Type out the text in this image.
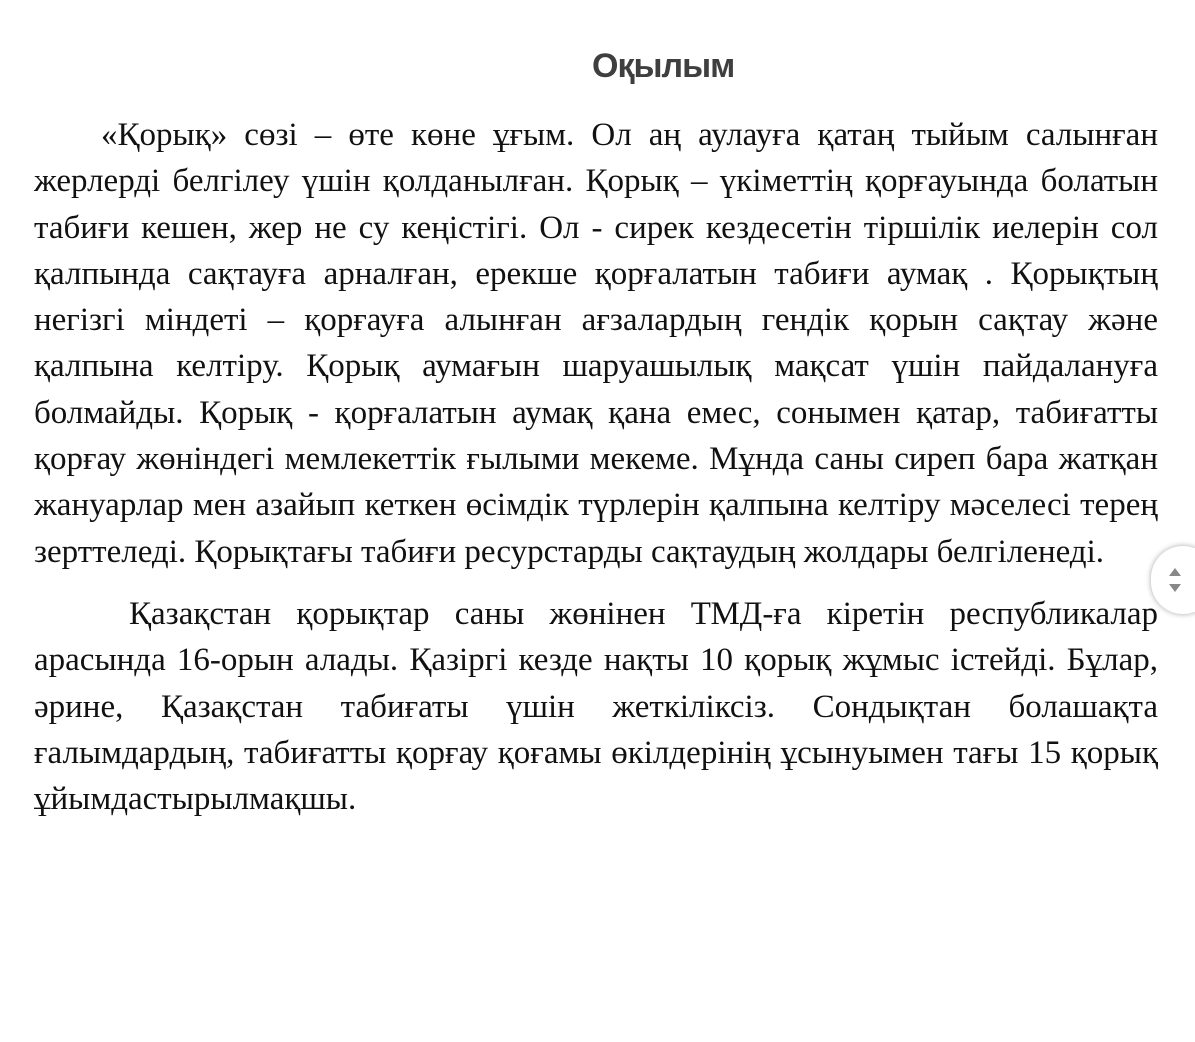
Оқылым

«Қорық» сөзі – өте көне ұғым. Ол аң аулауға қатаң тыйым салынған жерлерді белгілеу үшін қолданылған. Қорық – үкіметтің қорғауында болатын табиғи кешен, жер не су кеңістігі. Ол - сирек кездесетін тіршілік иелерін сол қалпында сақтауға арналған, ерекше қорғалатын табиғи аумақ . Қорықтың негізгі міндеті – қорғауға алынған ағзалардың гендік қорын сақтау және қалпына келтіру. Қорық аумағын шаруашылық мақсат үшін пайдалануға болмайды. Қорық - қорғалатын аумақ қана емес, сонымен қатар, табиғатты қорғау жөніндегі мемлекеттік ғылыми мекеме. Мұнда саны сиреп бара жатқан жануарлар мен азайып кеткен өсімдік түрлерін қалпына келтіру мәселесі терең зерттеледі. Қорықтағы табиғи ресурстарды сақтаудың жолдары белгіленеді.

Қазақстан қорықтар саны жөнінен ТМД-ға кіретін республикалар арасында 16-орын алады. Қазіргі кезде нақты 10 қорық жұмыс істейді. Бұлар, әрине, Қазақстан табиғаты үшін жеткіліксіз. Сондықтан болашақта ғалымдардың, табиғатты қорғау қоғамы өкілдерінің ұсынуымен тағы 15 қорық ұйымдастырылмақшы.
